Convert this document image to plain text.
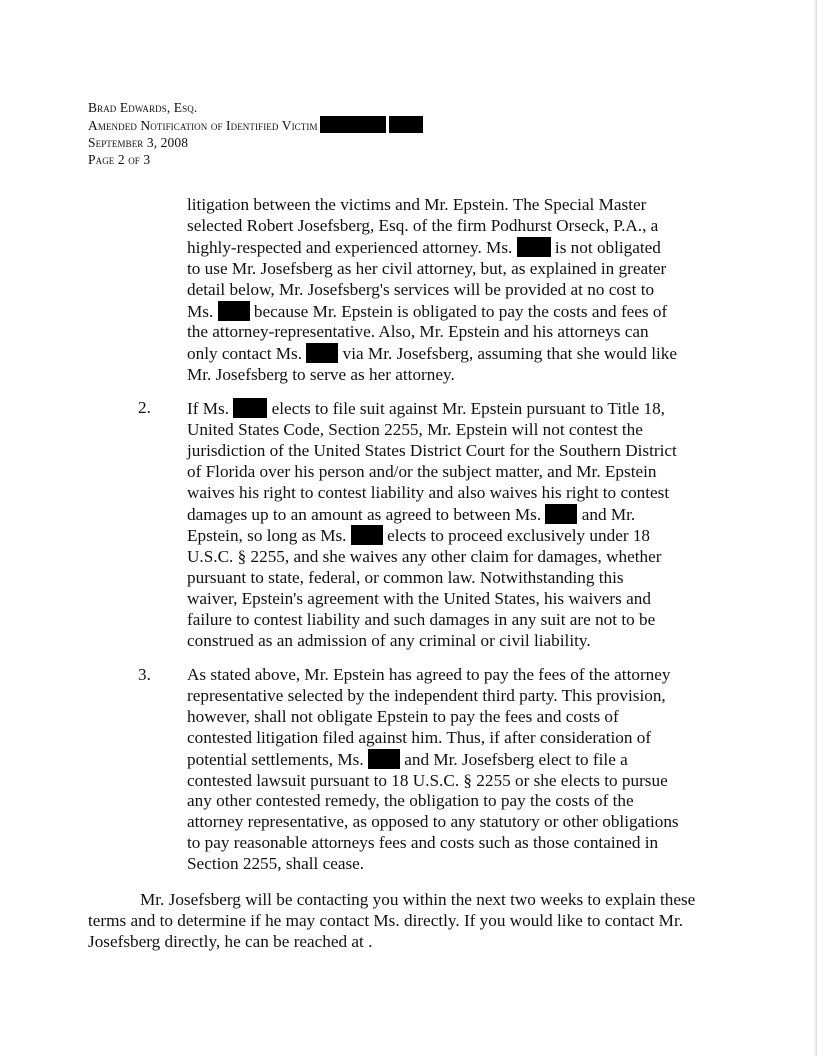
Brad Edwards, Esq.
Amended Notification of Identified Victim
September 3, 2008
Page 2 of 3
litigation between the victims and Mr. Epstein. The Special Master
selected Robert Josefsberg, Esq. of the firm Podhurst Orseck, P.A., a
highly-respected and experienced attorney. Ms. is not obligated
to use Mr. Josefsberg as her civil attorney, but, as explained in greater
detail below, Mr. Josefsberg's services will be provided at no cost to
Ms. because Mr. Epstein is obligated to pay the costs and fees of
the attorney-representative. Also, Mr. Epstein and his attorneys can
only contact Ms. via Mr. Josefsberg, assuming that she would like
Mr. Josefsberg to serve as her attorney.
2. If Ms. elects to file suit against Mr. Epstein pursuant to Title 18,
United States Code, Section 2255, Mr. Epstein will not contest the
jurisdiction of the United States District Court for the Southern District
of Florida over his person and/or the subject matter, and Mr. Epstein
waives his right to contest liability and also waives his right to contest
damages up to an amount as agreed to between Ms. and Mr.
Epstein, so long as Ms. elects to proceed exclusively under 18
U.S.C. § 2255, and she waives any other claim for damages, whether
pursuant to state, federal, or common law. Notwithstanding this
waiver, Epstein's agreement with the United States, his waivers and
failure to contest liability and such damages in any suit are not to be
construed as an admission of any criminal or civil liability.
3. As stated above, Mr. Epstein has agreed to pay the fees of the attorney
representative selected by the independent third party. This provision,
however, shall not obligate Epstein to pay the fees and costs of
contested litigation filed against him. Thus, if after consideration of
potential settlements, Ms. and Mr. Josefsberg elect to file a
contested lawsuit pursuant to 18 U.S.C. § 2255 or she elects to pursue
any other contested remedy, the obligation to pay the costs of the
attorney representative, as opposed to any statutory or other obligations
to pay reasonable attorneys fees and costs such as those contained in
Section 2255, shall cease.
Mr. Josefsberg will be contacting you within the next two weeks to explain these
terms and to determine if he may contact Ms. directly. If you would like to contact Mr.
Josefsberg directly, he can be reached at .
